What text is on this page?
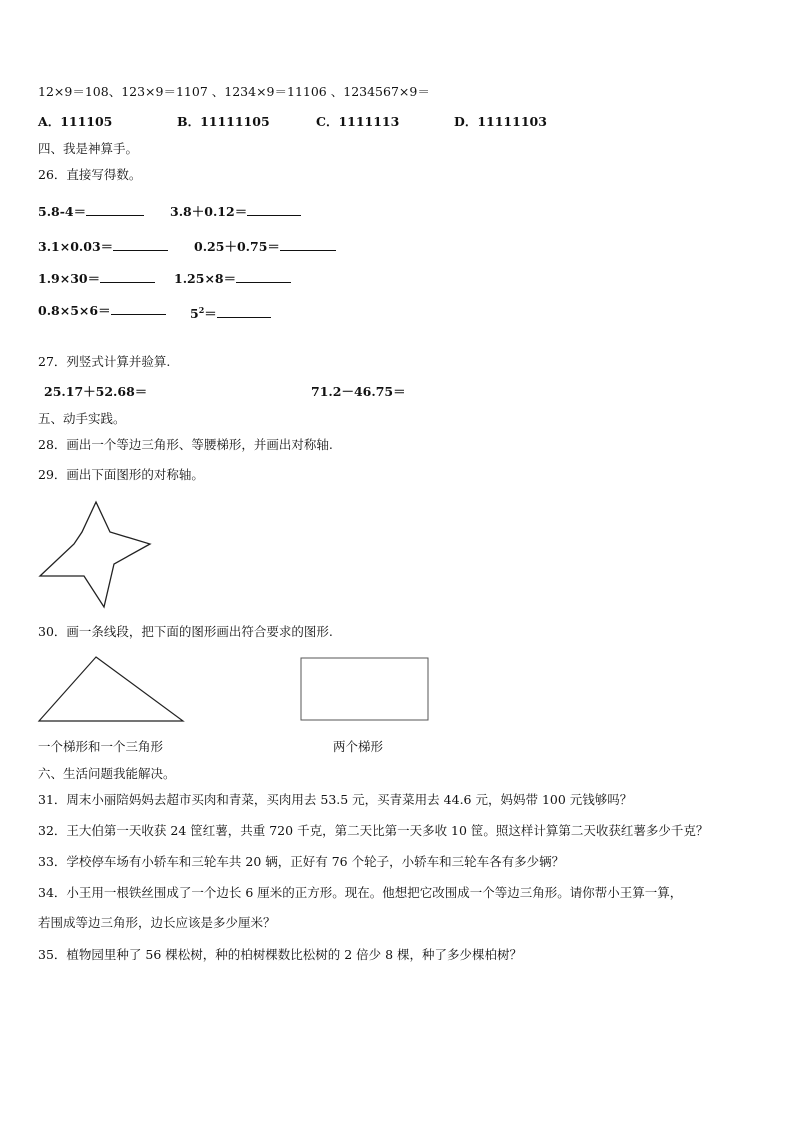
12×9＝108、123×9＝1107 、1234×9＝11106 、1234567×9＝
A．111105	B．11111105	C．1111113	D．11111103
四、我是神算手。
26．直接写得数。
5.8-4＝	3.8＋0.12＝
3.1×0.03＝	0.25＋0.75＝
1.9×30＝	1.25×8＝
0.8×5×6＝	$5^2=$
27．列竖式计算并验算.
25.17＋52.68＝	71.2－46.75＝
五、动手实践。
28．画出一个等边三角形、等腰梯形，并画出对称轴.
29．画出下面图形的对称轴。
30．画一条线段，把下面的图形画出符合要求的图形.
一个梯形和一个三角形	两个梯形
六、生活问题我能解决。
31．周末小丽陪妈妈去超市买肉和青菜，买肉用去 53.5 元，买青菜用去 44.6 元，妈妈带 100 元钱够吗？
32．王大伯第一天收获 24 筐红薯，共重 720 千克，第二天比第一天多收 10 筐。照这样计算第二天收获红薯多少千克？
33．学校停车场有小轿车和三轮车共 20 辆，正好有 76 个轮子，小轿车和三轮车各有多少辆？
34．小王用一根铁丝围成了一个边长 6 厘米的正方形。现在。他想把它改围成一个等边三角形。请你帮小王算一算，
若围成等边三角形，边长应该是多少厘米？
35．植物园里种了 56 棵松树，种的柏树棵数比松树的 2 倍少 8 棵，种了多少棵柏树？
